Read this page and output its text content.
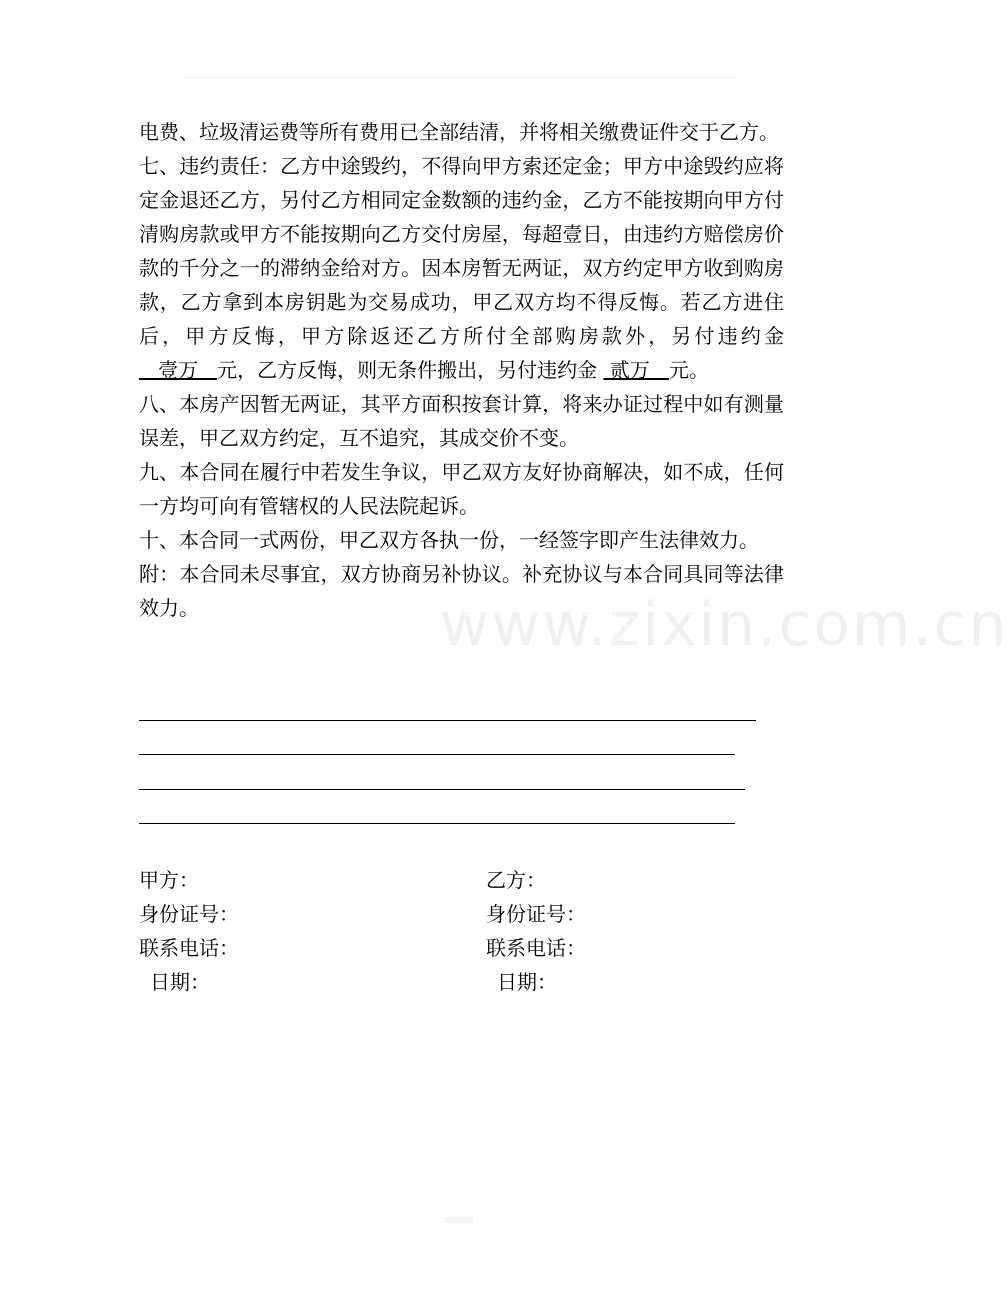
www.zixin.com.cn

电费、垃圾清运费等所有费用已全部结清，并将相关缴费证件交于乙方。

七、违约责任：乙方中途毁约，不得向甲方索还定金；甲方中途毁约应将定金退还乙方，另付乙方相同定金数额的违约金，乙方不能按期向甲方付清购房款或甲方不能按期向乙方交付房屋，每超壹日，由违约方赔偿房价款的千分之一的滞纳金给对方。因本房暂无两证，双方约定甲方收到购房款，乙方拿到本房钥匙为交易成功，甲乙双方均不得反悔。若乙方进住后，甲方反悔，甲方除返还乙方所付全部购房款外，另付违约金    壹万   元，乙方反悔，则无条件搬出，另付违约金  贰万   元。

八、本房产因暂无两证，其平方面积按套计算，将来办证过程中如有测量误差，甲乙双方约定，互不追究，其成交价不变。

九、本合同在履行中若发生争议，甲乙双方友好协商解决，如不成，任何一方均可向有管辖权的人民法院起诉。

十、本合同一式两份，甲乙双方各执一份，一经签字即产生法律效力。

附：本合同未尽事宜，双方协商另补协议。补充协议与本合同具同等法律效力。

甲方：	乙方：
身份证号：	身份证号：
联系电话：	联系电话：
日期：	日期：
